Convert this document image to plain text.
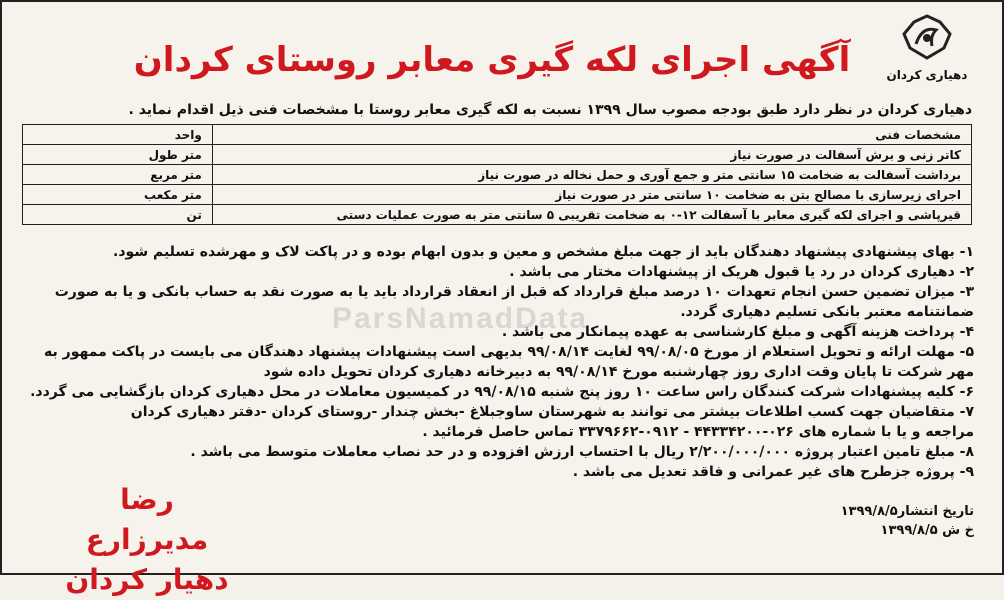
دهیاری کردان
آگهی اجرای لکه گیری معابر روستای کردان
دهیاری کردان در نظر دارد طبق بودجه مصوب سال ۱۳۹۹ نسبت به لکه گیری معابر روستا با مشخصات فنی ذیل اقدام نماید .
مشخصات فنی	واحد
کاتر زنی و برش آسفالت در صورت نیاز	متر طول
برداشت آسفالت به ضخامت ۱۵ سانتی متر و جمع آوری و حمل نخاله در صورت نیاز	متر مربع
اجرای زیرسازی با مصالح بتن به ضخامت ۱۰ سانتی متر در صورت نیاز	متر مکعب
قیرپاشی و اجرای لکه گیری معابر با آسفالت ۱۲-۰ به ضخامت تقریبی ۵ سانتی متر به صورت عملیات دستی	تن
ParsNamadData
۱- بهای پیشنهادی پیشنهاد دهندگان باید از جهت مبلغ مشخص و معین و بدون ابهام بوده و در پاکت لاک و مهرشده تسلیم شود.
۲- دهیاری کردان در رد یا قبول هریک از پیشنهادات مختار می باشد .
۳- میزان تضمین حسن انجام تعهدات ۱۰ درصد مبلغ قرارداد که قبل از انعقاد قرارداد باید یا به صورت نقد به حساب بانکی و یا به صورت ضمانتنامه معتبر بانکی تسلیم دهیاری گردد.
۴- پرداخت هزینه آگهی و مبلغ کارشناسی به عهده پیمانکار می باشد .
۵- مهلت ارائه و تحویل استعلام از مورخ ۹۹/۰۸/۰۵ لغایت ۹۹/۰۸/۱۴ بدیهی است پیشنهادات پیشنهاد دهندگان می بایست در پاکت ممهور به مهر شرکت تا پایان وقت اداری روز چهارشنبه مورخ ۹۹/۰۸/۱۴ به دبیرخانه دهیاری کردان تحویل داده شود
۶- کلیه پیشنهادات شرکت کنندگان راس ساعت ۱۰ روز پنج شنبه ۹۹/۰۸/۱۵ در کمیسیون معاملات در محل دهیاری کردان بازگشایی می گردد.
۷- متقاضیان جهت کسب اطلاعات بیشتر می توانند به شهرستان ساوجبلاغ -بخش چندار -روستای کردان -دفتر دهیاری کردان مراجعه و یا با شماره های ۰۲۶-۴۴۳۳۴۲۰۰ - ۰۹۱۲-۳۳۷۹۶۶۲ تماس حاصل فرمائید .
۸- مبلغ تامین اعتبار پروژه ۲/۲۰۰/۰۰۰/۰۰۰ ریال با احتساب ارزش افزوده و در حد نصاب معاملات متوسط می باشد .
۹- پروژه جزطرح های غیر عمرانی و فاقد تعدیل می باشد .
تاریخ انتشار۱۳۹۹/۸/۵
خ ش ۱۳۹۹/۸/۵
رضا مدیرزارع
دهیار کردان
